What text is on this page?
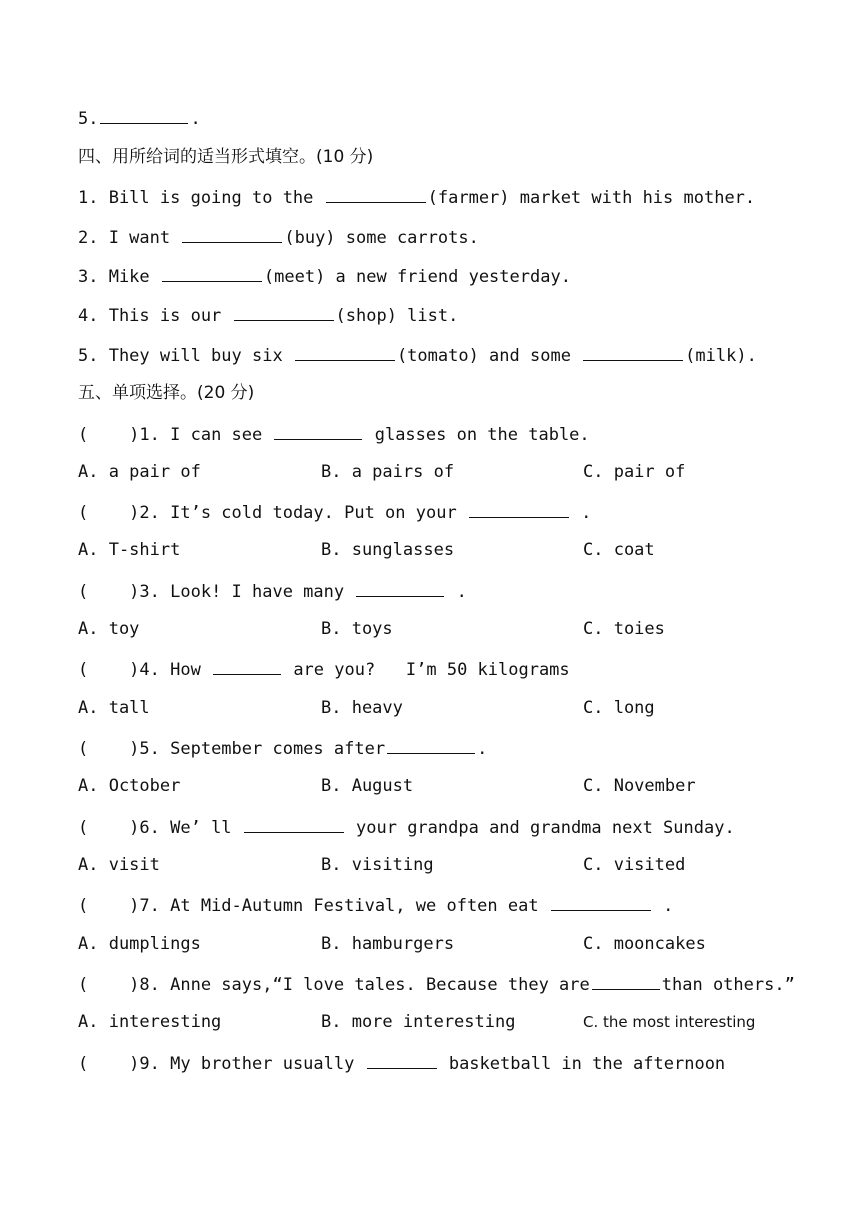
5.	.
四、用所给词的适当形式填空。(10 分)
1. Bill is going to the	(farmer) market with his mother.
2. I want	(buy) some carrots.
3. Mike	(meet) a new friend yesterday.
4. This is our	(shop) list.
5. They will buy six	(tomato) and some	(milk).
五、单项选择。(20 分)
(    )1. I can see	glasses on the table.
A. a pair of	B. a pairs of	C. pair of
(    )2. It’s cold today. Put on your	.
A. T-shirt	B. sunglasses	C. coat
(    )3. Look! I have many	.
A. toy	B. toys	C. toies
(    )4. How	are you?   I’m 50 kilograms
A. tall	B. heavy	C. long
(    )5. September comes after	.
A. October	B. August	C. November
(    )6. We’ ll	your grandpa and grandma next Sunday.
A. visit	B. visiting	C. visited
(    )7. At Mid-Autumn Festival, we often eat	.
A. dumplings	B. hamburgers	C. mooncakes
(    )8. Anne says,“I love tales. Because they are	than others.”
A. interesting	B. more interesting	C. the most interesting
(    )9. My brother usually	basketball in the afternoon
